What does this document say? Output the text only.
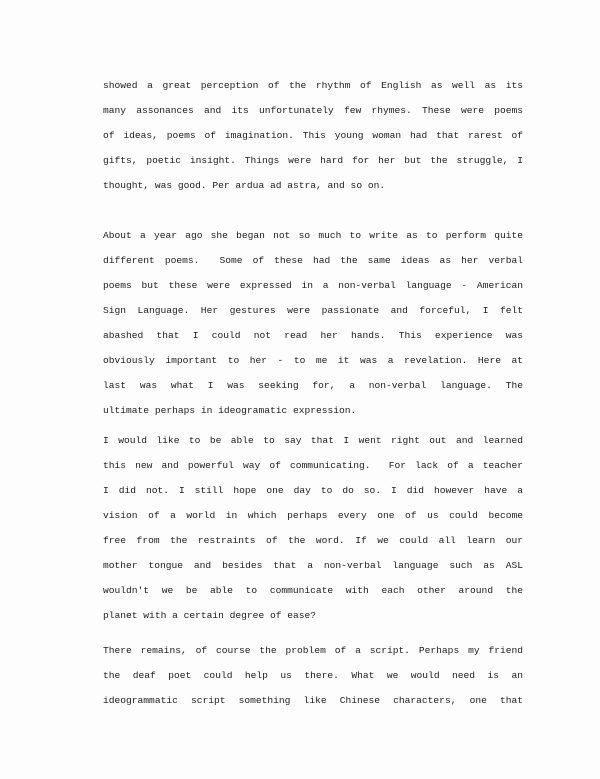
showed a great perception of the rhythm of English as well as its
many assonances and its unfortunately few rhymes. These were poems
of ideas, poems of imagination. This young woman had that rarest of
gifts, poetic insight. Things were hard for her but the struggle, I
thought, was good. Per ardua ad astra, and so on.
About a year ago she began not so much to write as to perform quite
different poems.  Some of these had the same ideas as her verbal
poems but these were expressed in a non-verbal language - American
Sign Language. Her gestures were passionate and forceful, I felt
abashed that I could not read her hands. This experience was
obviously important to her - to me it was a revelation. Here at
last was what I was seeking for, a non-verbal language. The
ultimate perhaps in ideogramatic expression.
I would like to be able to say that I went right out and learned
this new and powerful way of communicating.  For lack of a teacher
I did not. I still hope one day to do so. I did however have a
vision of a world in which perhaps every one of us could become
free from the restraints of the word. If we could all learn our
mother tongue and besides that a non-verbal language such as ASL
wouldn't we be able to communicate with each other around the
planet with a certain degree of ease?
There remains, of course the problem of a script. Perhaps my friend
the deaf poet could help us there. What we would need is an
ideogrammatic script something like Chinese characters, one that
